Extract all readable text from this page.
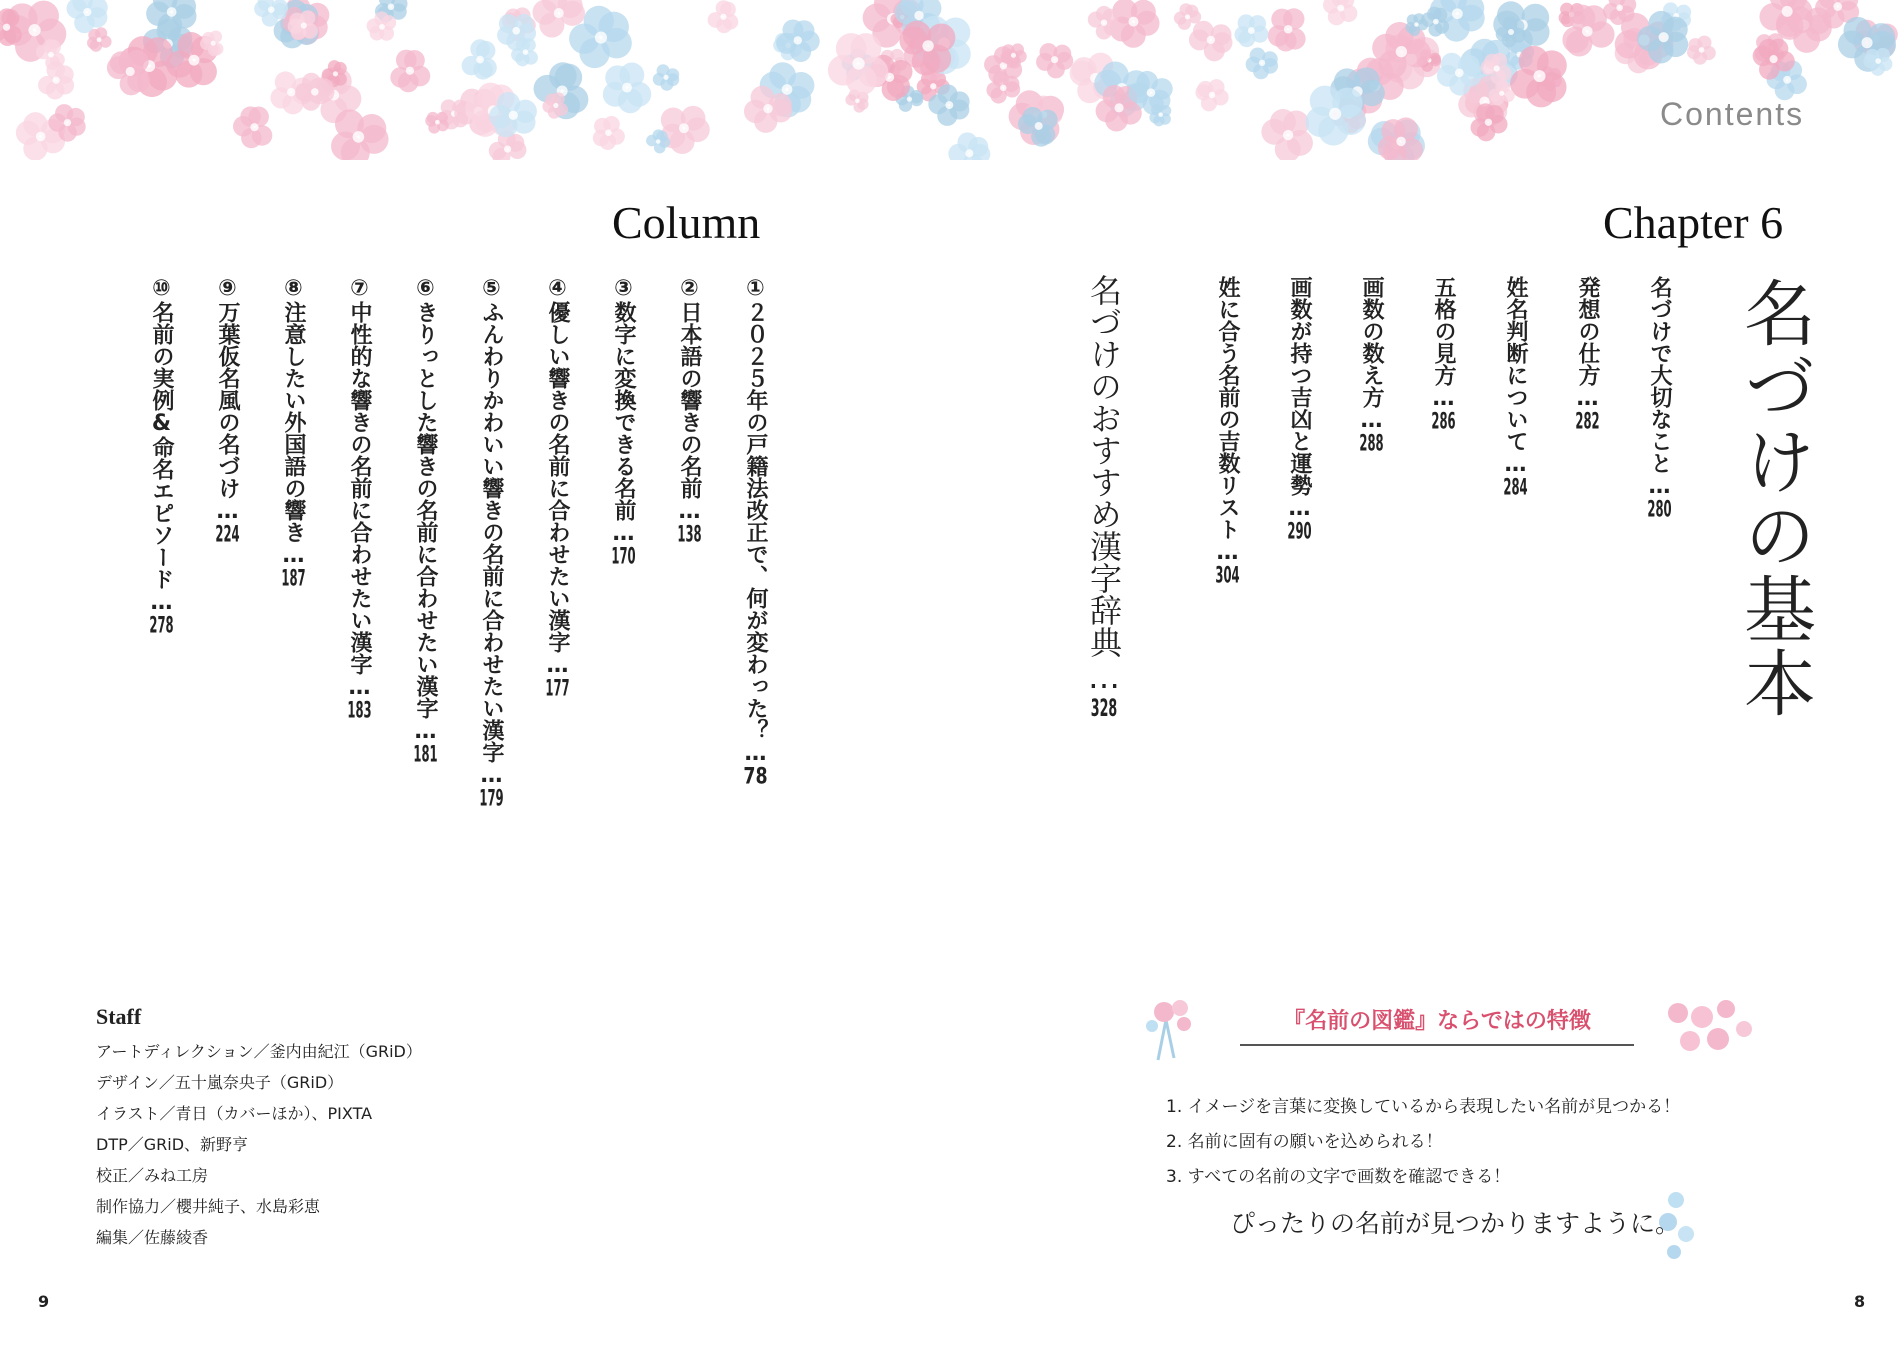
Contents
Column
①２０２５年の戸籍法改正で、何が変わった？…78
②日本語の響きの名前…138
③数字に変換できる名前…170
④優しい響きの名前に合わせたい漢字…177
⑤ふんわりかわいい響きの名前に合わせたい漢字…179
⑥きりっとした響きの名前に合わせたい漢字…181
⑦中性的な響きの名前に合わせたい漢字…183
⑧注意したい外国語の響き…187
⑨万葉仮名風の名づけ…224
⑩名前の実例&命名エピソード…278
Chapter 6
名づけの基本
名づけで大切なこと…280
発想の仕方…282
姓名判断について…284
五格の見方…286
画数の数え方…288
画数が持つ吉凶と運勢…290
姓に合う名前の吉数リスト…304
名づけのおすすめ漢字辞典…328
Staff
アートディレクション／釜内由紀江（GRiD）
デザイン／五十嵐奈央子（GRiD）
イラスト／青日（カバーほか）、PIXTA
DTP／GRiD、新野亨
校正／みね工房
制作協力／櫻井純子、水島彩恵
編集／佐藤綾香
『名前の図鑑』ならではの特徴
1. イメージを言葉に変換しているから表現したい名前が見つかる！
2. 名前に固有の願いを込められる！
3. すべての名前の文字で画数を確認できる！
ぴったりの名前が見つかりますように。
9	8
